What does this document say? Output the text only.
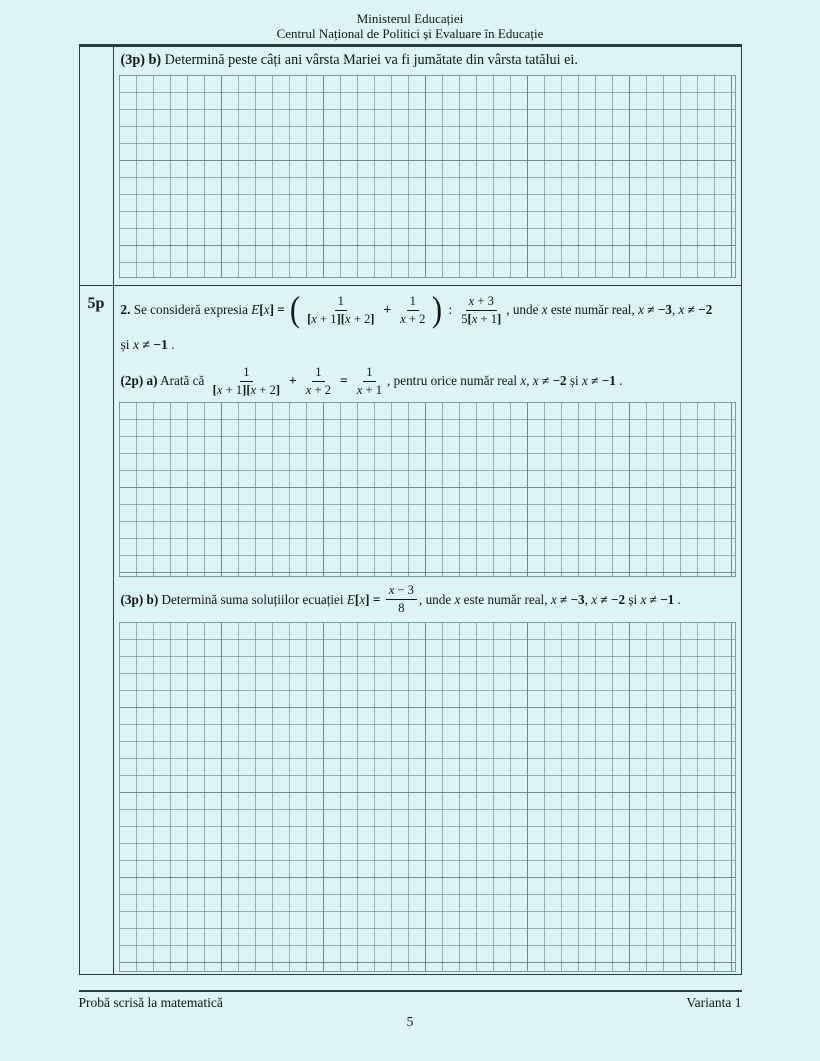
Ministerul Educației
Centrul Național de Politici și Evaluare în Educație
(3p) b) Determină peste câți ani vârsta Mariei va fi jumătate din vârsta tatălui ei.
5p	2. Se consideră expresia E[x] = ( $\frac{1}{[x + 1][x + 2]} + \frac{1}{x + 2}$ ) : $\frac{x + 3}{5[x + 1]}$ , unde x este număr real, x ≠ −3, x ≠ −2
și x ≠ −1 .
(2p) a) Arată că $\frac{1}{[x + 1][x + 2]} + \frac{1}{x + 2} = \frac{1}{x + 1}$ , pentru orice număr real x, x ≠ −2 și x ≠ −1 .
(3p) b) Determină suma soluțiilor ecuației $E[x] = \frac{x - 3}{8}$ , unde x este număr real, x ≠ −3, x ≠ −2 și x ≠ −1 .
Probă scrisă la matematică	Varianta 1
5
